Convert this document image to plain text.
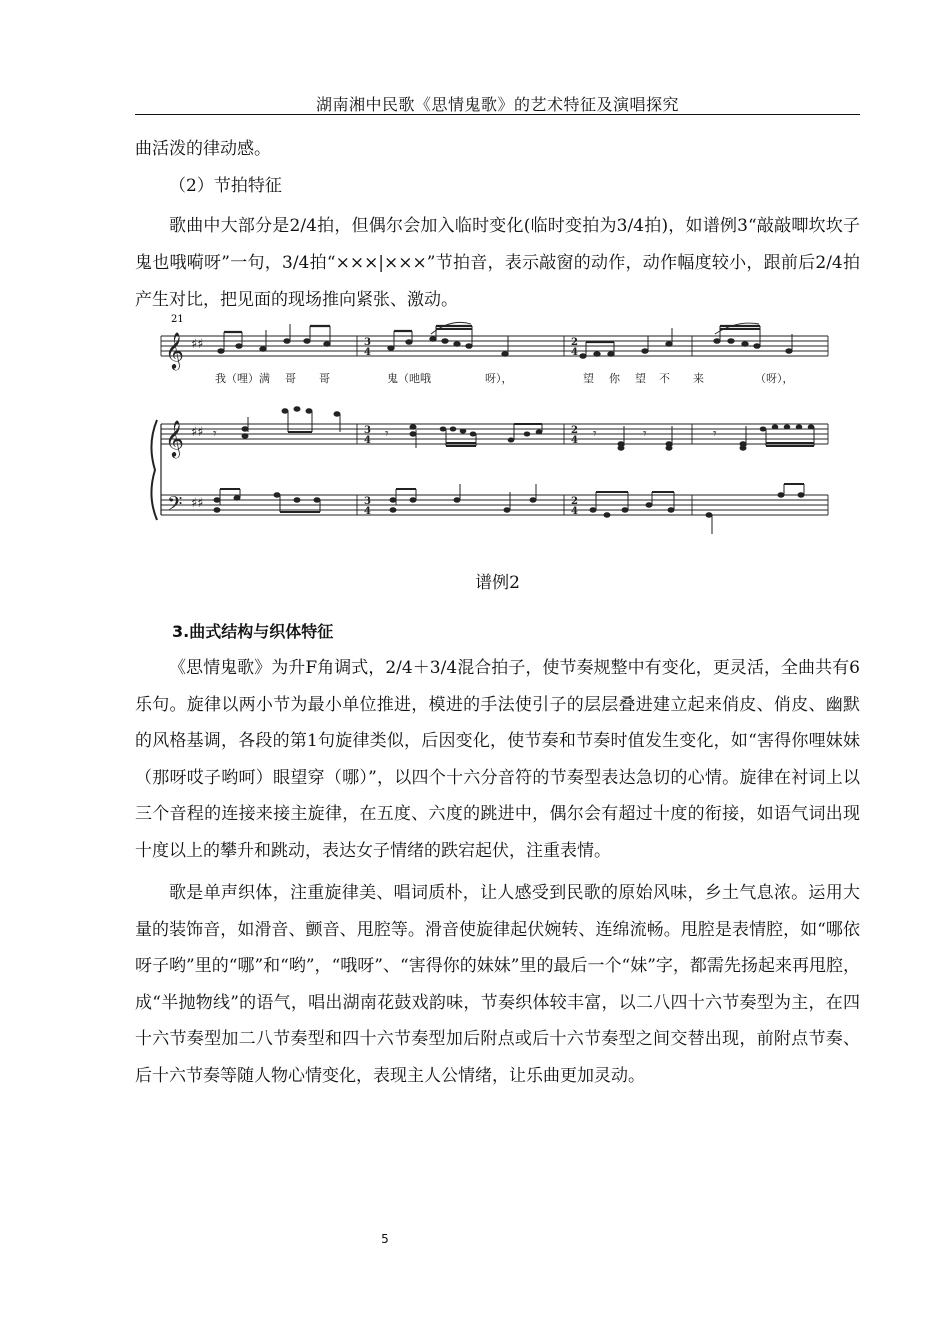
湖南湘中民歌《思情鬼歌》的艺术特征及演唱探究

曲活泼的律动感。

（2）节拍特征

歌曲中大部分是2/4拍，但偶尔会加入临时变化(临时变拍为3/4拍)，如谱例3“敲敲唧坎坎子鬼也哦嗬呀”一句，3/4拍“×××|×××”节拍音，表示敲窗的动作，动作幅度较小，跟前后2/4拍产生对比，把见面的现场推向紧张、激动。

21
𝄞 ♯♯	3
4
2
4
我（哩）满 哥 哥	鬼（吔哦	呀），	望 你 望 不 来	（呀），
𝄞
𝄢
♯♯
♯♯
3
4
3
4
2
4
2
4
𝄾	𝄾	𝄾	𝄾	𝄾
谱例2
3.曲式结构与织体特征

《思情鬼歌》为升F角调式，2/4＋3/4混合拍子，使节奏规整中有变化，更灵活，全曲共有6乐句。旋律以两小节为最小单位推进，模进的手法使引子的层层叠进建立起来俏皮、俏皮、幽默的风格基调，各段的第1句旋律类似，后因变化，使节奏和节奏时值发生变化，如“害得你哩妹妹（那呀哎子哟呵）眼望穿（哪）”，以四个十六分音符的节奏型表达急切的心情。旋律在衬词上以三个音程的连接来接主旋律，在五度、六度的跳进中，偶尔会有超过十度的衔接，如语气词出现十度以上的攀升和跳动，表达女子情绪的跌宕起伏，注重表情。

歌是单声织体，注重旋律美、唱词质朴，让人感受到民歌的原始风味，乡土气息浓。运用大量的装饰音，如滑音、颤音、甩腔等。滑音使旋律起伏婉转、连绵流畅。甩腔是表情腔，如“哪依呀子哟”里的“哪”和“哟”，“哦呀”、“害得你的妹妹”里的最后一个“妹”字，都需先扬起来再甩腔，成“半抛物线”的语气，唱出湖南花鼓戏韵味，节奏织体较丰富，以二八四十六节奏型为主，在四十六节奏型加二八节奏型和四十六节奏型加后附点或后十六节奏型之间交替出现，前附点节奏、后十六节奏等随人物心情变化，表现主人公情绪，让乐曲更加灵动。

5
